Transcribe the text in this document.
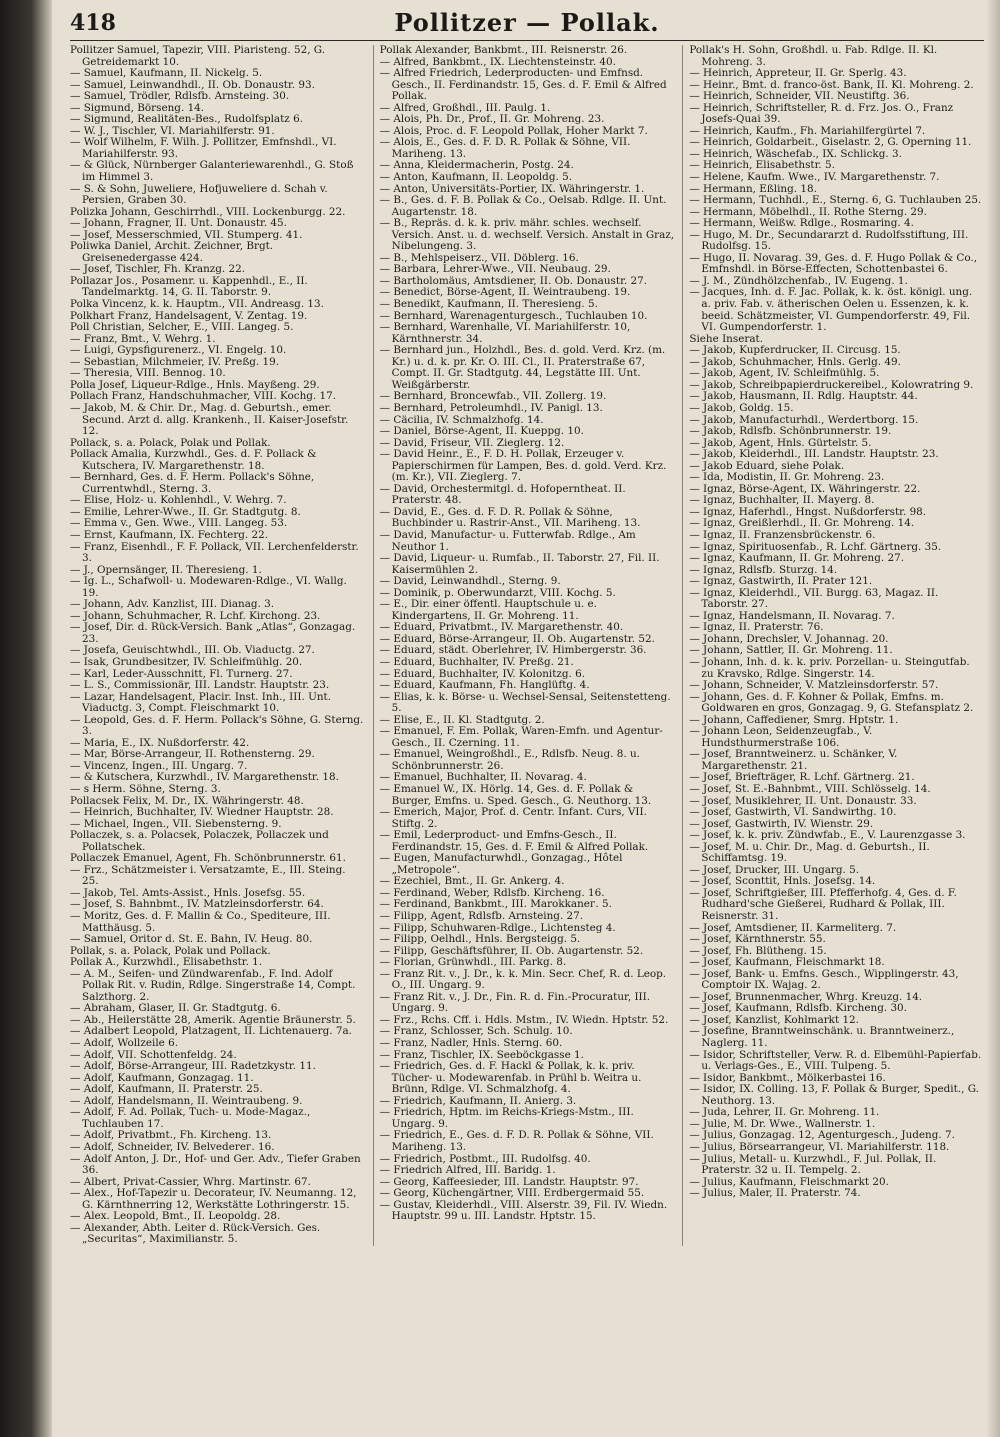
418	Pollitzer — Pollak.

Pollitzer Samuel, Tapezir, VIII. Piaristeng. 52, G. Getreidemarkt 10.

— Samuel, Kaufmann, II. Nickelg. 5.

— Samuel, Leinwandhdl., II. Ob. Donaustr. 93.

— Samuel, Trödler, Rdlsfb. Arnsteing. 30.

— Sigmund, Börseng. 14.

— Sigmund, Realitäten-Bes., Rudolfsplatz 6.

— W. J., Tischler, VI. Mariahilferstr. 91.

— Wolf Wilhelm, F. Wilh. J. Pollitzer, Emfnshdl., VI. Mariahilferstr. 93.

— & Glück, Nürnberger Galanteriewarenhdl., G. Stoß im Himmel 3.

— S. & Sohn, Juweliere, Hofjuweliere d. Schah v. Persien, Graben 30.

Polizka Johann, Geschirrhdl., VIII. Lockenburgg. 22.

— Johann, Fragner, II. Unt. Donaustr. 45.

— Josef, Messerschmied, VII. Stumperg. 41.

Poliwka Daniel, Archit. Zeichner, Brgt. Greisenedergasse 424.

— Josef, Tischler, Fh. Kranzg. 22.

Pollazar Jos., Posamenr. u. Kappenhdl., E., II. Tandelmarktg. 14, G. II. Taborstr. 9.

Polka Vincenz, k. k. Hauptm., VII. Andreasg. 13.

Polkhart Franz, Handelsagent, V. Zentag. 19.

Poll Christian, Selcher, E., VIII. Langeg. 5.

— Franz, Bmt., V. Wehrg. 1.

— Luigi, Gypsfigurenerz., VI. Engelg. 10.

— Sebastian, Milchmeier, IV. Preßg. 19.

— Theresia, VIII. Bennog. 10.

Polla Josef, Liqueur-Rdlge., Hnls. Mayßeng. 29.

Pollach Franz, Handschuhmacher, VIII. Kochg. 17.

— Jakob, M. & Chir. Dr., Mag. d. Geburtsh., emer. Secund. Arzt d. allg. Krankenh., II. Kaiser-Josefstr. 12.

Pollack, s. a. Polack, Polak und Pollak.

Pollack Amalia, Kurzwhdl., Ges. d. F. Pollack & Kutschera, IV. Margarethenstr. 18.

— Bernhard, Ges. d. F. Herm. Pollack's Söhne, Currentwhdl., Sterng. 3.

— Elise, Holz- u. Kohlenhdl., V. Wehrg. 7.

— Emilie, Lehrer-Wwe., II. Gr. Stadtgutg. 8.

— Emma v., Gen. Wwe., VIII. Langeg. 53.

— Ernst, Kaufmann, IX. Fechterg. 22.

— Franz, Eisenhdl., F. F. Pollack, VII. Lerchenfelderstr. 3.

— J., Opernsänger, II. Theresieng. 1.

— Ig. L., Schafwoll- u. Modewaren-Rdlge., VI. Wallg. 19.

— Johann, Adv. Kanzlist, III. Dianag. 3.

— Johann, Schuhmacher, R. Lchf. Kirchong. 23.

— Josef, Dir. d. Rück-Versich. Bank „Atlas“, Gonzagag. 23.

— Josefa, Geuischtwhdl., III. Ob. Viaductg. 27.

— Isak, Grundbesitzer, IV. Schleifmühlg. 20.

— Karl, Leder-Ausschnitt, Fl. Turnerg. 27.

— L. S., Commissionär, III. Landstr. Hauptstr. 23.

— Lazar, Handelsagent, Placir. Inst. Inh., III. Unt. Viaductg. 3, Compt. Fleischmarkt 10.

— Leopold, Ges. d. F. Herm. Pollack's Söhne, G. Sterng. 3.

— Maria, E., IX. Nußdorferstr. 42.

— Mar, Börse-Arrangeur, II. Rothensterng. 29.

— Vincenz, Ingen., III. Ungarg. 7.

— & Kutschera, Kurzwhdl., IV. Margarethenstr. 18.

— s Herm. Söhne, Sterng. 3.

Pollacsek Felix, M. Dr., IX. Währingerstr. 48.

— Heinrich, Buchhalter, IV. Wiedner Hauptstr. 28.

— Michael, Ingen., VII. Siebensterng. 9.

Pollaczek, s. a. Polacsek, Polaczek, Pollaczek und Pollatschek.

Pollaczek Emanuel, Agent, Fh. Schönbrunnerstr. 61.

— Frz., Schätzmeister i. Versatzamte, E., III. Steing. 25.

— Jakob, Tel. Amts-Assist., Hnls. Josefsg. 55.

— Josef, S. Bahnbmt., IV. Matzleinsdorferstr. 64.

— Moritz, Ges. d. F. Mallin & Co., Spediteure, III. Matthäusg. 5.

— Samuel, Oritor d. St. E. Bahn, IV. Heug. 80.

Pollak, s. a. Polack, Polak und Pollack.

Pollak A., Kurzwhdl., Elisabethstr. 1.

— A. M., Seifen- und Zündwarenfab., F. Ind. Adolf Pollak Rit. v. Rudin, Rdlge. Singerstraße 14, Compt. Salzthorg. 2.

— Abraham, Glaser, II. Gr. Stadtgutg. 6.

— Ab., Heilerstätte 28, Amerik. Agentie Bräunerstr. 5.

— Adalbert Leopold, Platzagent, II. Lichtenauerg. 7a.

— Adolf, Wollzeile 6.

— Adolf, VII. Schottenfeldg. 24.

— Adolf, Börse-Arrangeur, III. Radetzkystr. 11.

— Adolf, Kaufmann, Gonzagag. 11.

— Adolf, Kaufmann, II. Praterstr. 25.

— Adolf, Handelsmann, II. Weintraubeng. 9.

— Adolf, F. Ad. Pollak, Tuch- u. Mode-Magaz., Tuchlauben 17.

— Adolf, Privatbmt., Fh. Kircheng. 13.

— Adolf, Schneider, IV. Belvederег. 16.

— Adolf Anton, J. Dr., Hof- und Ger. Adv., Tiefer Graben 36.

— Albert, Privat-Cassier, Whrg. Martinstr. 67.

— Alex., Hof-Tapezir u. Decorateur, IV. Neumanng. 12, G. Kärnthnerring 12, Werkstätte Lothringerstr. 15.

— Alex. Leopold, Bmt., II. Leopoldg. 28.

— Alexander, Abth. Leiter d. Rück-Versich. Ges. „Securitas“, Maximilianstr. 5.

Pollak Alexander, Bankbmt., III. Reisnerstr. 26.

— Alfred, Bankbmt., IX. Liechtensteinstr. 40.

— Alfred Friedrich, Lederproducten- und Emfnsd. Gesch., II. Ferdinandstr. 15, Ges. d. F. Emil & Alfred Pollak.

— Alfred, Großhdl., III. Paulg. 1.

— Alois, Ph. Dr., Prof., II. Gr. Mohreng. 23.

— Alois, Proc. d. F. Leopold Pollak, Hoher Markt 7.

— Alois, E., Ges. d. F. D. R. Pollak & Söhne, VII. Mariheng. 13.

— Anna, Kleidermacherin, Postg. 24.

— Anton, Kaufmann, II. Leopoldg. 5.

— Anton, Universitäts-Portier, IX. Währingerstr. 1.

— B., Ges. d. F. B. Pollak & Co., Oelsab. Rdlge. II. Unt. Augartenstr. 18.

— B., Repräs. d. k. k. priv. mähr. schles. wechself. Versich. Anst. u. d. wechself. Versich. Anstalt in Graz, Nibelungeng. 3.

— B., Mehlspeiserz., VII. Döblerg. 16.

— Barbara, Lehrer-Wwe., VII. Neubaug. 29.

— Bartholomäus, Amtsdiener, II. Ob. Donaustr. 27.

— Benedict, Börse-Agent, II. Weintraubeng. 19.

— Benedikt, Kaufmann, II. Theresieng. 5.

— Bernhard, Warenagenturgesch., Tuchlauben 10.

— Bernhard, Warenhalle, VI. Mariahilferstr. 10, Kärnthnerstr. 34.

— Bernhard jun., Holzhdl., Bes. d. gold. Verd. Krz. (m. Kr.) u. d. k. pr. Kr. O. III. Cl., II. Praterstraße 67, Compt. II. Gr. Stadtgutg. 44, Legstätte III. Unt. Weißgärberstr.

— Bernhard, Broncewfab., VII. Zollerg. 19.

— Bernhard, Petroleumhdl., IV. Panigl. 13.

— Cäcilia, IV. Schmalzhofg. 14.

— Daniel, Börse-Agent, II. Kueppg. 10.

— David, Friseur, VII. Zieglerg. 12.

— David Heinr., E., F. D. H. Pollak, Erzeuger v. Papierschirmen für Lampen, Bes. d. gold. Verd. Krz. (m. Kr.), VII. Zieglerg. 7.

— David, Orchestermitgl. d. Hofopernthеat. II. Praterstr. 48.

— David, E., Ges. d. F. D. R. Pollak & Söhne, Buchbinder u. Rastrir-Anst., VII. Mariheng. 13.

— David, Manufactur- u. Futterwfab. Rdlge., Am Neuthor 1.

— David, Liqueur- u. Rumfab., II. Taborstr. 27, Fil. II. Kaisermühlen 2.

— David, Leinwandhdl., Sterng. 9.

— Dominik, p. Oberwundarzt, VIII. Kochg. 5.

— E., Dir. einer öffentl. Hauptschule u. e. Kindergartens, II. Gr. Mohreng. 11.

— Eduard, Privatbmt., IV. Margarethenstr. 40.

— Eduard, Börse-Arrangeur, II. Ob. Augartenstr. 52.

— Eduard, städt. Oberlehrer, IV. Himbergerstr. 36.

— Eduard, Buchhalter, IV. Preßg. 21.

— Eduard, Buchhalter, IV. Kolonitzg. 6.

— Eduard, Kaufmann, Fh. Hanglüftg. 4.

— Elias, k. k. Börse- u. Wechsel-Sensal, Seitenstetteng. 5.

— Elise, E., II. Kl. Stadtgutg. 2.

— Emanuel, F. Em. Pollak, Waren-Emfn. und Agentur-Gesch., II. Czerning. 11.

— Emanuel, Weingroßhdl., E., Rdlsfb. Neug. 8. u. Schönbrunnerstr. 26.

— Emanuel, Buchhalter, II. Novarag. 4.

— Emanuel W., IX. Hörlg. 14, Ges. d. F. Pollak & Burger, Emfns. u. Sped. Gesch., G. Neuthorg. 13.

— Emerich, Major, Prof. d. Centr. Infant. Curs, VII. Stiftg. 2.

— Emil, Lederproduct- und Emfns-Gesch., II. Ferdinandstr. 15, Ges. d. F. Emil & Alfred Pollak.

— Eugen, Manufacturwhdl., Gonzagag., Hôtel „Metropole“.

— Ezechiel, Bmt., II. Gr. Ankerg. 4.

— Ferdinand, Weber, Rdlsfb. Kircheng. 16.

— Ferdinand, Bankbmt., III. Marokkaneг. 5.

— Filipp, Agent, Rdlsfb. Arnsteing. 27.

— Filipp, Schuhwaren-Rdlge., Lichtensteg 4.

— Filipp, Oelhdl., Hnls. Bergsteigg. 5.

— Filipp, Geschäftsführer, II. Ob. Augartenstr. 52.

— Florian, Grünwhdl., III. Parkg. 8.

— Franz Rit. v., J. Dr., k. k. Min. Secr. Chef, R. d. Leop. O., III. Ungarg. 9.

— Franz Rit. v., J. Dr., Fin. R. d. Fin.-Procuratur, III. Ungarg. 9.

— Frz., Rchs. Cff. i. Hdls. Mstm., IV. Wiedn. Hptstr. 52.

— Franz, Schlosser, Sch. Schulg. 10.

— Franz, Nadler, Hnls. Sterng. 60.

— Franz, Tischler, IX. Seeböckgasse 1.

— Friedrich, Ges. d. F. Hackl & Pollak, k. k. priv. Tücher- u. Modewarenfab. in Prühl b. Weitra u. Brünn, Rdlge. VI. Schmalzhofg. 4.

— Friedrich, Kaufmann, II. Anierg. 3.

— Friedrich, Hptm. im Reichs-Kriegs-Mstm., III. Ungarg. 9.

— Friedrich, E., Ges. d. F. D. R. Pollak & Söhne, VII. Mariheng. 13.

— Friedrich, Postbmt., III. Rudolfsg. 40.

— Friedrich Alfred, III. Baridg. 1.

— Georg, Kaffeesieder, III. Landstr. Hauptstr. 97.

— Georg, Küchengärtner, VIII. Erdbergermaid 55.

— Gustav, Kleiderhdl., VIII. Alserstr. 39, Fil. IV. Wiedn. Hauptstr. 99 u. III. Landstr. Hptstr. 15.

Pollak's H. Sohn, Großhdl. u. Fab. Rdlge. II. Kl. Mohreng. 3.

— Heinrich, Appreteur, II. Gr. Sperlg. 43.

— Heinr., Bmt. d. franco-öst. Bank, II. Kl. Mohreng. 2.

— Heinrich, Schneider, VII. Neustiftg. 36.

— Heinrich, Schriftsteller, R. d. Frz. Jos. O., Franz Josefs-Quai 39.

— Heinrich, Kaufm., Fh. Mariahilfergürtel 7.

— Heinrich, Goldarbeit., Giselastr. 2, G. Operning 11.

— Heinrich, Wäschefab., IX. Schlickg. 3.

— Heinrich, Elisabethstr. 5.

— Helene, Kaufm. Wwe., IV. Margarethenstr. 7.

— Hermann, Eßling. 18.

— Hermann, Tuchhdl., E., Sterng. 6, G. Tuchlauben 25.

— Hermann, Möbelhdl., II. Rothe Sterng. 29.

— Hermann, Weißw. Rdlge., Rosmaring. 4.

— Hugo, M. Dr., Secundararzt d. Rudolfsstiftung, III. Rudolfsg. 15.

— Hugo, II. Novarag. 39, Ges. d. F. Hugo Pollak & Co., Emfnshdl. in Börse-Effecten, Schottenbastei 6.

— J. M., Zündhölzchenfab., IV. Eugeng. 1.

— Jacques, Inh. d. F. Jac. Pollak, k. k. öst. königl. ung. a. priv. Fab. v. ätherischen Oelen u. Essenzen, k. k. beeid. Schätzmeister, VI. Gumpendorferstr. 49, Fil. VI. Gumpendorferstr. 1.

Siehe Inserat.

— Jakob, Kupferdrucker, II. Circusg. 15.

— Jakob, Schuhmacher, Hnls. Gerlg. 49.

— Jakob, Agent, IV. Schleifmühlg. 5.

— Jakob, Schreibpapierdruckereibel., Kolowratring 9.

— Jakob, Hausmann, II. Rdlg. Hauptstr. 44.

— Jakob, Goldg. 15.

— Jakob, Manufacturhdl., Werdertborg. 15.

— Jakob, Rdlsfb. Schönbrunnerstr. 19.

— Jakob, Agent, Hnls. Gürtelstr. 5.

— Jakob, Kleiderhdl., III. Landstr. Hauptstr. 23.

— Jakob Eduard, siehe Polak.

— Ida, Modistin, II. Gr. Mohreng. 23.

— Ignaz, Börse-Agent, IX. Währingerstr. 22.

— Ignaz, Buchhalter, II. Mayerg. 8.

— Ignaz, Haferhdl., Hngst. Nußdorferstr. 98.

— Ignaz, Greißlerhdl., II. Gr. Mohreng. 14.

— Ignaz, II. Franzensbrückenstr. 6.

— Ignaz, Spirituosenfab., R. Lchf. Gärtnerg. 35.

— Ignaz, Kaufmann, II. Gr. Mohreng. 27.

— Ignaz, Rdlsfb. Sturzg. 14.

— Ignaz, Gastwirth, II. Prater 121.

— Ignaz, Kleiderhdl., VII. Burgg. 63, Magaz. II. Taborstr. 27.

— Ignaz, Handelsmann, II. Novarag. 7.

— Ignaz, II. Praterstr. 76.

— Johann, Drechsler, V. Johannag. 20.

— Johann, Sattler, II. Gr. Mohreng. 11.

— Johann, Inh. d. k. k. priv. Porzellan- u. Steingutfab. zu Kravsko, Rdlge. Singerstr. 14.

— Johann, Schneider, V. Matzleinsdorferstr. 57.

— Johann, Ges. d. F. Kohner & Pollak, Emfns. m. Goldwaren en gros, Gonzagag. 9, G. Stefansplatz 2.

— Johann, Caffediener, Smrg. Hptstr. 1.

— Johann Leon, Seidenzeugfab., V. Hundsthurmerstraße 106.

— Josef, Branntweinerz. u. Schänker, V. Margarethenstr. 21.

— Josef, Briefträger, R. Lchf. Gärtnerg. 21.

— Josef, St. E.-Bahnbmt., VIII. Schlösselg. 14.

— Josef, Musiklehrer, II. Unt. Donaustr. 33.

— Josef, Gastwirth, VI. Sandwirthg. 10.

— Josef, Gastwirth, IV. Wienstr. 29.

— Josef, k. k. priv. Zündwfab., E., V. Laurenzgasse 3.

— Josef, M. u. Chir. Dr., Mag. d. Geburtsh., II. Schiffamtsg. 19.

— Josef, Drucker, III. Ungarg. 5.

— Josef, Sconttit, Hnls. Josefsg. 14.

— Josef, Schriftgießer, III. Pfefferhofg. 4, Ges. d. F. Rudhard'sche Gießerei, Rudhard & Pollak, III. Reisnerstr. 31.

— Josef, Amtsdiener, II. Karmeliterg. 7.

— Josef, Kärnthnerstr. 55.

— Josef, Fh. Blütheng. 15.

— Josef, Kaufmann, Fleischmarkt 18.

— Josef, Bank- u. Emfns. Gesch., Wipplingerstr. 43, Comptoir IX. Wajag. 2.

— Josef, Brunnenmacher, Whrg. Kreuzg. 14.

— Josef, Kaufmann, Rdlsfb. Kircheng. 30.

— Josef, Kanzlist, Kohlmarkt 12.

— Josefine, Branntweinschänk. u. Branntweinerz., Naglerg. 11.

— Isidor, Schriftsteller, Verw. R. d. Elbemühl-Papierfab. u. Verlags-Ges., E., VIII. Tulpeng. 5.

— Isidor, Bankbmt., Mölkerbastei 16.

— Isidor, IX. Colling. 13, F. Pollak & Burger, Spedit., G. Neuthorg. 13.

— Juda, Lehrer, II. Gr. Mohreng. 11.

— Julie, M. Dr. Wwe., Wallnerstr. 1.

— Julius, Gonzagag. 12, Agenturgesch., Judeng. 7.

— Julius, Börsearrangeur, VI. Mariahilferstr. 118.

— Julius, Metall- u. Kurzwhdl., F. Jul. Pollak, II. Praterstr. 32 u. II. Tempelg. 2.

— Julius, Kaufmann, Fleischmarkt 20.

— Julius, Maler, II. Praterstr. 74.
